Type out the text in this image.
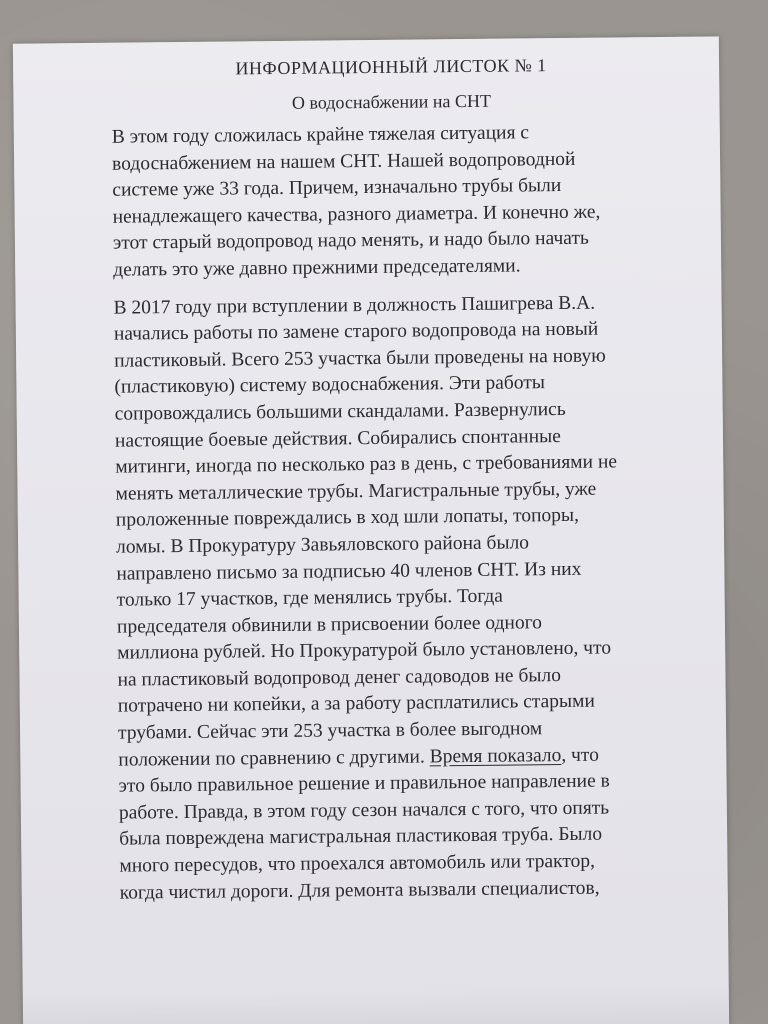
ИНФОРМАЦИОННЫЙ ЛИСТОК № 1
О водоснабжении на СНТ

В этом году сложилась крайне тяжелая ситуация с
водоснабжением на нашем СНТ. Нашей водопроводной
системе уже 33 года. Причем, изначально трубы были
ненадлежащего качества, разного диаметра. И конечно же,
этот старый водопровод надо менять, и надо было начать
делать это уже давно прежними председателями.

В 2017 году при вступлении в должность Пашигрева В.А.
начались работы по замене старого водопровода на новый
пластиковый. Всего 253 участка были проведены на новую
(пластиковую) систему водоснабжения. Эти работы
сопровождались большими скандалами. Развернулись
настоящие боевые действия. Собирались спонтанные
митинги, иногда по несколько раз в день, с требованиями не
менять металлические трубы. Магистральные трубы, уже
проложенные повреждались в ход шли лопаты, топоры,
ломы. В Прокуратуру Завьяловского района было
направлено письмо за подписью 40 членов СНТ. Из них
только 17 участков, где менялись трубы. Тогда
председателя обвинили в присвоении более одного
миллиона рублей. Но Прокуратурой было установлено, что
на пластиковый водопровод денег садоводов не было
потрачено ни копейки, а за работу расплатились старыми
трубами. Сейчас эти 253 участка в более выгодном
положении по сравнению с другими. Время показало, что
это было правильное решение и правильное направление в
работе. Правда, в этом году сезон начался с того, что опять
была повреждена магистральная пластиковая труба. Было
много пересудов, что проехался автомобиль или трактор,
когда чистил дороги. Для ремонта вызвали специалистов,
